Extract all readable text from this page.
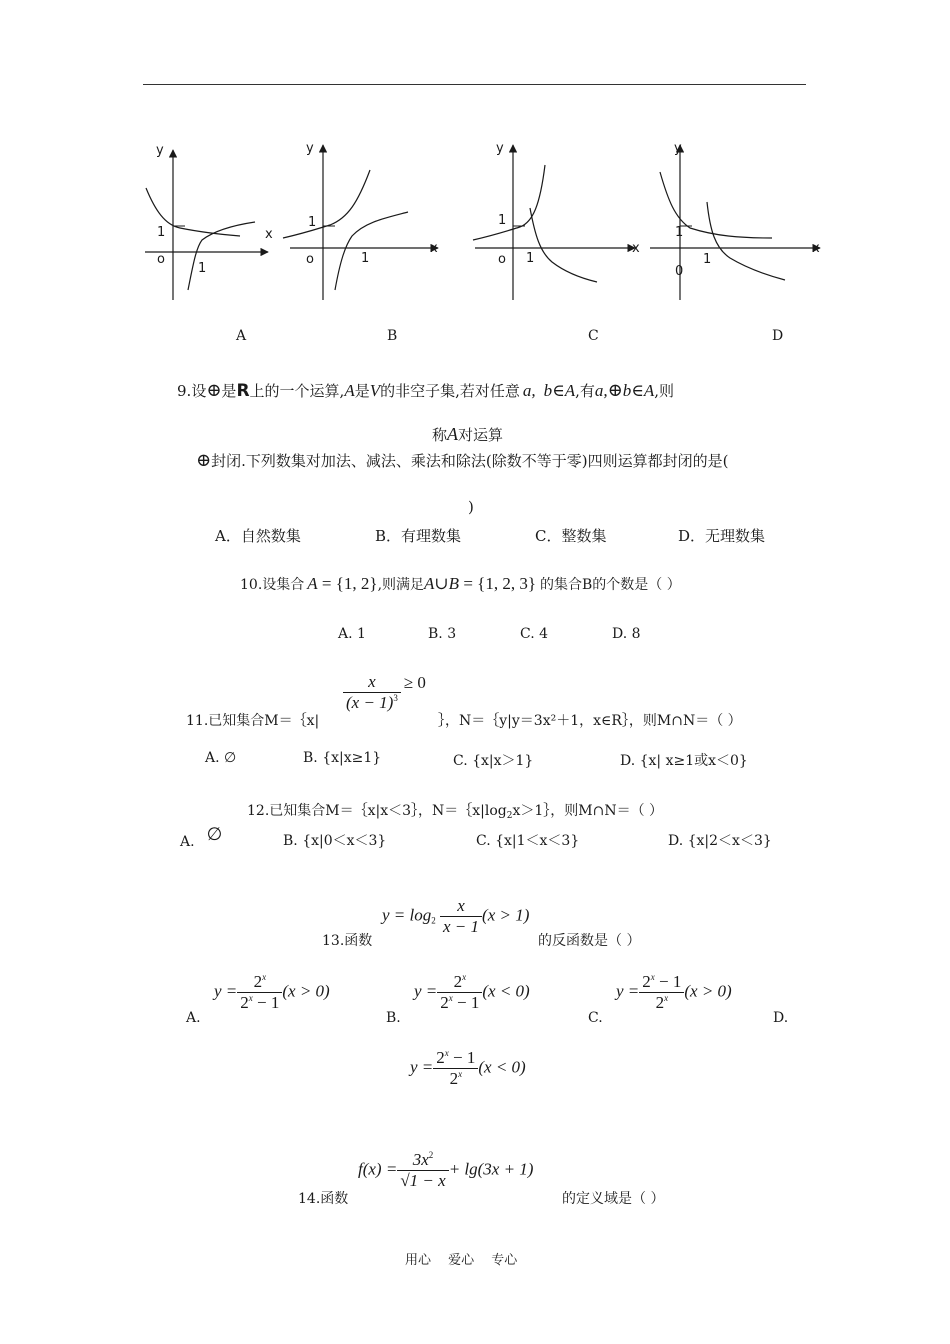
y
x
1
o
1
y
x
1
o	1
y
x
1
o 1
y
x
1
0
1
A	B	C	D
9.设⊕是R上的一个运算,A是V的非空子集,若对任意 a, b∈A,有a,⊕b∈A,则
称A对运算
⊕封闭.下列数集对加法、减法、乘法和除法(除数不等于零)四则运算都封闭的是(
)
A．自然数集	B．有理数集	C．整数集	D．无理数集
10.设集合 A = {1, 2},则满足A∪B = {1, 2, 3} 的集合B的个数是（ ）
A. 1	B. 3	C. 4	D. 8
$\frac{x}{(x - 1)^3} \ge 0$
11.已知集合M＝｛x|	｝，N＝｛y|y＝3x²＋1，x∈R｝，则M∩N＝（ ）
A. ∅	B. {x|x≥1}	C. {x|x＞1}	D. {x| x≥1或x＜0}
12.已知集合M＝｛x|x＜3｝，$N=\{x|\log_2x>1\}$，则M∩N＝（ ）
A. ∅	B. {x|0＜x＜3}	C. {x|1＜x＜3}	D. {x|2＜x＜3}
$y = \log_2 \frac{x}{x - 1} (x > 1)$
13.函数	的反函数是（ ）
A.
$y = \frac{2^x}{2^x - 1} (x > 0)$
B.
$y = \frac{2^x}{2^x - 1} (x < 0)$
C.
$y = \frac{2^x - 1}{2^x} (x > 0)$
D.
$y = \frac{2^x - 1}{2^x} (x < 0)$
$f(x) = \frac{3x^2}{√1 - x} + \lg(3x + 1)$
14.函数	的定义域是（ ）
用心　 爱心　 专心
